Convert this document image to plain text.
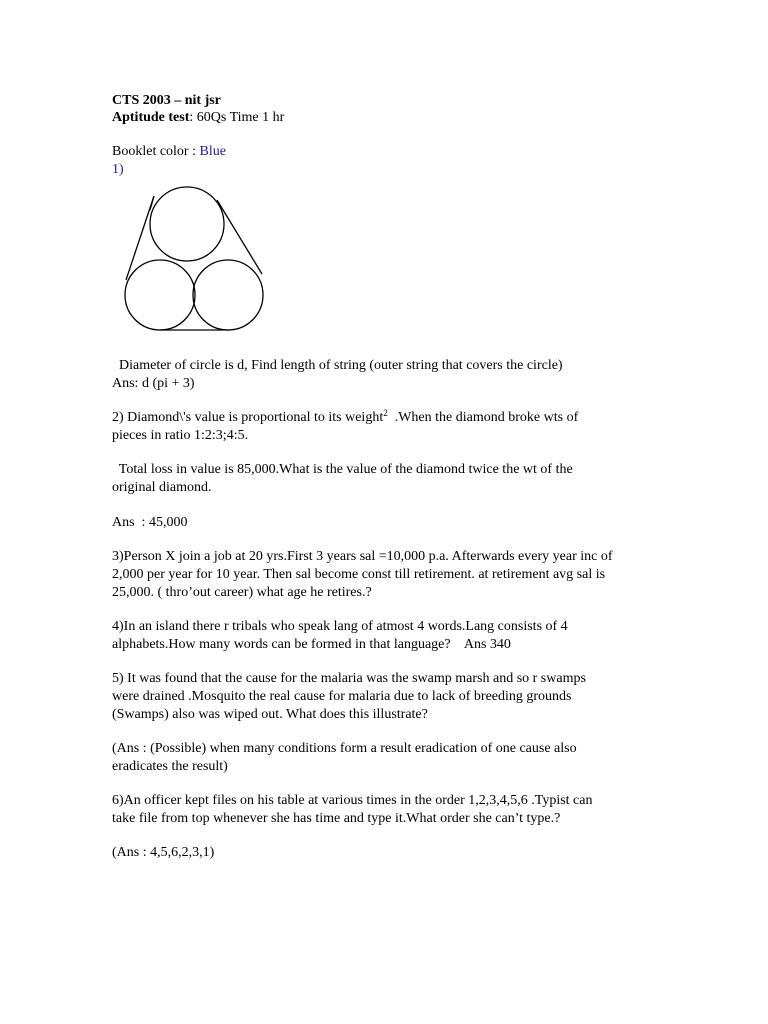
CTS 2003 – nit jsr

Aptitude test: 60Qs Time 1 hr

Booklet color : Blue

1)

Diameter of circle is d, Find length of string (outer string that covers the circle)

Ans: d (pi + 3)

2) Diamond\'s value is proportional to its weight$^2$  .When the diamond broke wts of

pieces in ratio 1:2:3;4:5.

Total loss in value is 85,000.What is the value of the diamond twice the wt of the

original diamond.

Ans  : 45,000

3)Person X join a job at 20 yrs.First 3 years sal =10,000 p.a. Afterwards every year inc of

2,000 per year for 10 year. Then sal become const till retirement. at retirement avg sal is

25,000. ( thro’out career) what age he retires.?

4)In an island there r tribals who speak lang of atmost 4 words.Lang consists of 4

alphabets.How many words can be formed in that language?    Ans 340

5) It was found that the cause for the malaria was the swamp marsh and so r swamps

were drained .Mosquito the real cause for malaria due to lack of breeding grounds

(Swamps) also was wiped out. What does this illustrate?

(Ans : (Possible) when many conditions form a result eradication of one cause also

eradicates the result)

6)An officer kept files on his table at various times in the order 1,2,3,4,5,6 .Typist can

take file from top whenever she has time and type it.What order she can’t type.?

(Ans : 4,5,6,2,3,1)
